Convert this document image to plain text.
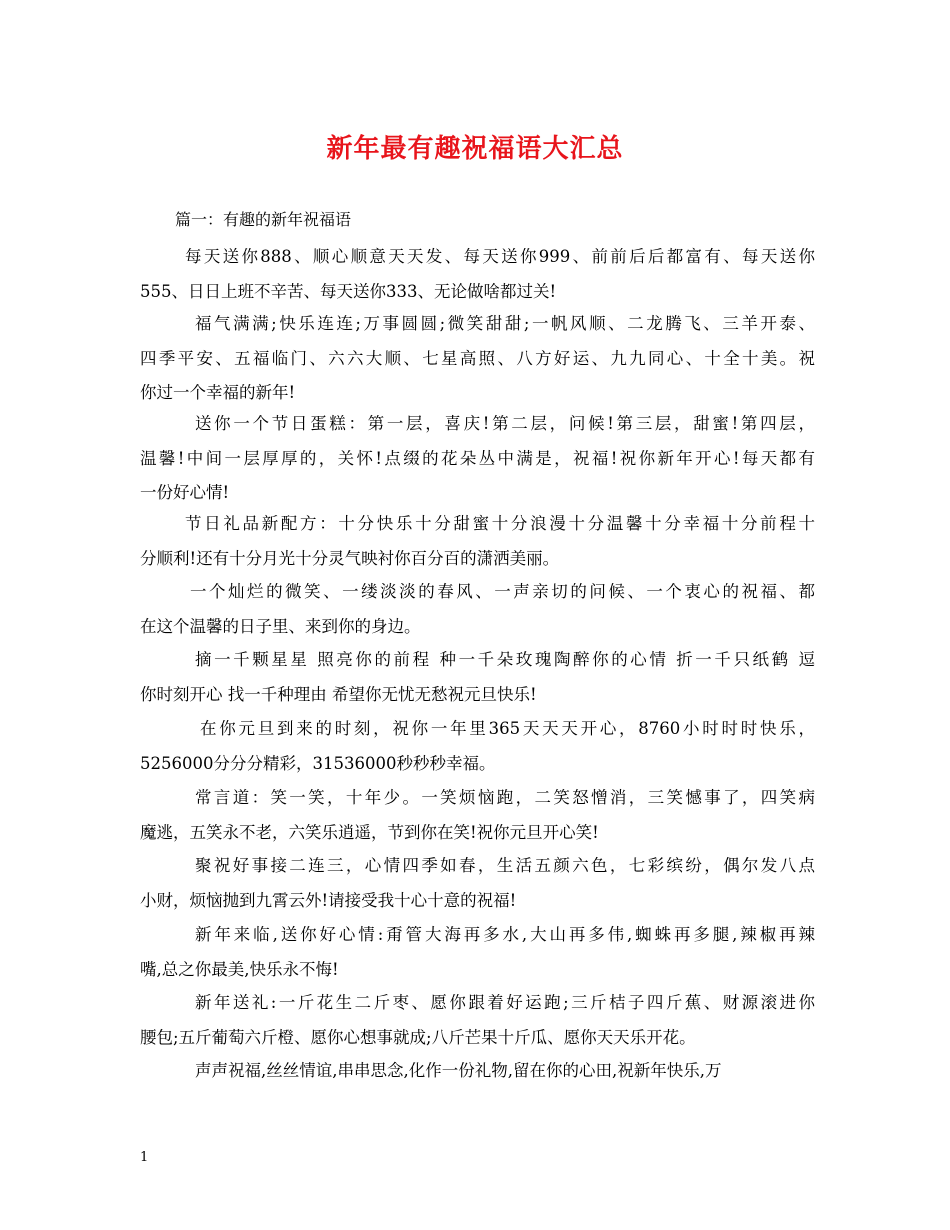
新年最有趣祝福语大汇总
篇一：有趣的新年祝福语
每天送你888、顺心顺意天天发、每天送你999、前前后后都富有、每天送你
555、日日上班不辛苦、每天送你333、无论做啥都过关!
福气满满;快乐连连;万事圆圆;微笑甜甜;一帆风顺、二龙腾飞、三羊开泰、
四季平安、五福临门、六六大顺、七星高照、八方好运、九九同心、十全十美。祝
你过一个幸福的新年!
送你一个节日蛋糕：第一层，喜庆!第二层，问候!第三层，甜蜜!第四层，
温馨!中间一层厚厚的，关怀!点缀的花朵丛中满是，祝福!祝你新年开心!每天都有
一份好心情!
节日礼品新配方：十分快乐十分甜蜜十分浪漫十分温馨十分幸福十分前程十
分顺利!还有十分月光十分灵气映衬你百分百的潇洒美丽。
一个灿烂的微笑、一缕淡淡的春风、一声亲切的问候、一个衷心的祝福、都
在这个温馨的日子里、来到你的身边。
摘一千颗星星 照亮你的前程 种一千朵玫瑰陶醉你的心情 折一千只纸鹤 逗
你时刻开心 找一千种理由 希望你无忧无愁祝元旦快乐!
在你元旦到来的时刻，祝你一年里365天天天开心，8760小时时时快乐，
5256000分分分精彩，31536000秒秒秒幸福。
常言道：笑一笑，十年少。一笑烦恼跑，二笑怒憎消，三笑憾事了，四笑病
魔逃，五笑永不老，六笑乐逍遥，节到你在笑!祝你元旦开心笑!
聚祝好事接二连三，心情四季如春，生活五颜六色，七彩缤纷，偶尔发八点
小财，烦恼抛到九霄云外!请接受我十心十意的祝福!
新年来临,送你好心情:甭管大海再多水,大山再多伟,蜘蛛再多腿,辣椒再辣
嘴,总之你最美,快乐永不悔!
新年送礼:一斤花生二斤枣、愿你跟着好运跑;三斤桔子四斤蕉、财源滚进你
腰包;五斤葡萄六斤橙、愿你心想事就成;八斤芒果十斤瓜、愿你天天乐开花。
声声祝福,丝丝情谊,串串思念,化作一份礼物,留在你的心田,祝新年快乐,万
1
